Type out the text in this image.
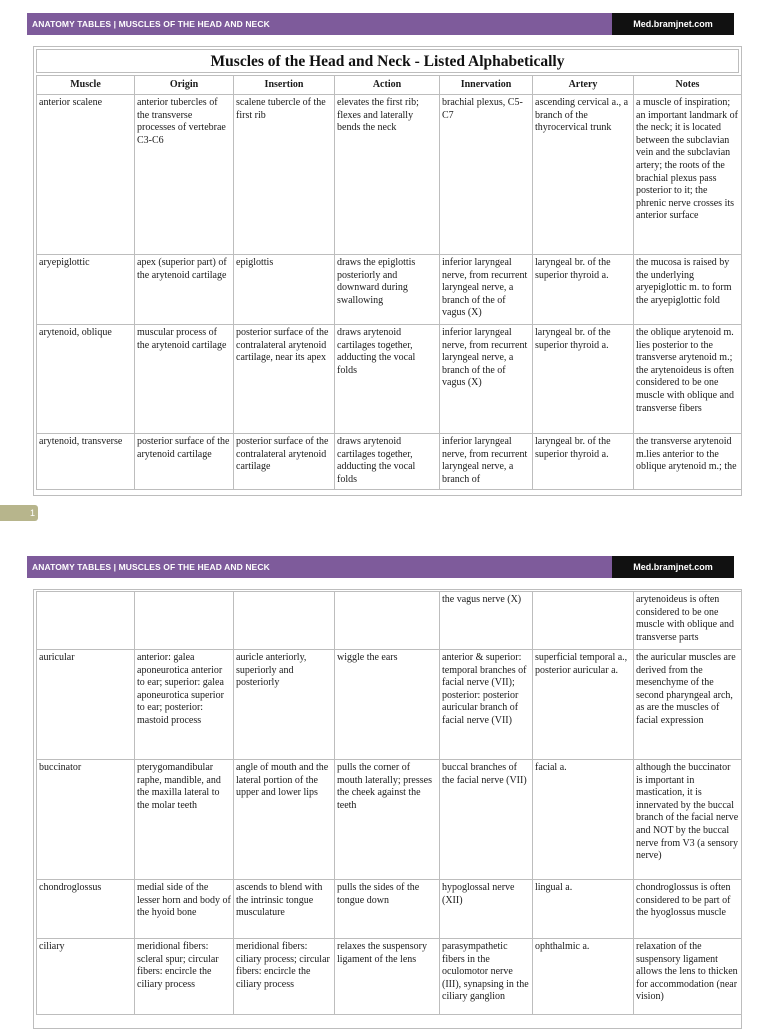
ANATOMY TABLES | MUSCLES OF THE HEAD AND NECK	Med.bramjnet.com
Muscles of the Head and Neck - Listed Alphabetically
Muscle	Origin	Insertion	Action	Innervation	Artery	Notes
anterior scalene	anterior tubercles of the transverse processes of vertebrae C3-C6	scalene tubercle of the first rib	elevates the first rib; flexes and laterally bends the neck	brachial plexus, C5-C7	ascending cervical a., a branch of the thyrocervical trunk	a muscle of inspiration; an important landmark of the neck; it is located between the subclavian vein and the subclavian artery; the roots of the brachial plexus pass posterior to it; the phrenic nerve crosses its anterior surface
aryepiglottic	apex (superior part) of the arytenoid cartilage	epiglottis	draws the epiglottis posteriorly and downward during swallowing	inferior laryngeal nerve, from recurrent laryngeal nerve, a branch of the of vagus (X)	laryngeal br. of the superior thyroid a.	the mucosa is raised by the underlying aryepiglottic m. to form the aryepiglottic fold
arytenoid, oblique	muscular process of the arytenoid cartilage	posterior surface of the contralateral arytenoid cartilage, near its apex	draws arytenoid cartilages together, adducting the vocal folds	inferior laryngeal nerve, from recurrent laryngeal nerve, a branch of the of vagus (X)	laryngeal br. of the superior thyroid a.	the oblique arytenoid m. lies posterior to the transverse arytenoid m.; the arytenoideus is often considered to be one muscle with oblique and transverse fibers
arytenoid, transverse	posterior surface of the arytenoid cartilage	posterior surface of the contralateral arytenoid cartilage	draws arytenoid cartilages together, adducting the vocal folds	inferior laryngeal nerve, from recurrent laryngeal nerve, a branch of	laryngeal br. of the superior thyroid a.	the transverse arytenoid m.lies anterior to the oblique arytenoid m.; the
1
ANATOMY TABLES | MUSCLES OF THE HEAD AND NECK	Med.bramjnet.com
				the vagus nerve (X)		arytenoideus is often considered to be one muscle with oblique and transverse parts
auricular	anterior: galea aponeurotica anterior to ear; superior: galea aponeurotica superior to ear; posterior: mastoid process	auricle anteriorly, superiorly and posteriorly	wiggle the ears	anterior & superior: temporal branches of facial nerve (VII); posterior: posterior auricular branch of facial nerve (VII)	superficial temporal a., posterior auricular a.	the auricular muscles are derived from the mesenchyme of the second pharyngeal arch, as are the muscles of facial expression
buccinator	pterygomandibular raphe, mandible, and the maxilla lateral to the molar teeth	angle of mouth and the lateral portion of the upper and lower lips	pulls the corner of mouth laterally; presses the cheek against the teeth	buccal branches of the facial nerve (VII)	facial a.	although the buccinator is important in mastication, it is innervated by the buccal branch of the facial nerve and NOT by the buccal nerve from V3 (a sensory nerve)
chondroglossus	medial side of the lesser horn and body of the hyoid bone	ascends to blend with the intrinsic tongue musculature	pulls the sides of the tongue down	hypoglossal nerve (XII)	lingual a.	chondroglossus is often considered to be part of the hyoglossus muscle
ciliary	meridional fibers: scleral spur; circular fibers: encircle the ciliary process	meridional fibers: ciliary process; circular fibers: encircle the ciliary process	relaxes the suspensory ligament of the lens	parasympathetic fibers in the oculomotor nerve (III), synapsing in the ciliary ganglion	ophthalmic a.	relaxation of the suspensory ligament allows the lens to thicken for accommodation (near vision)
